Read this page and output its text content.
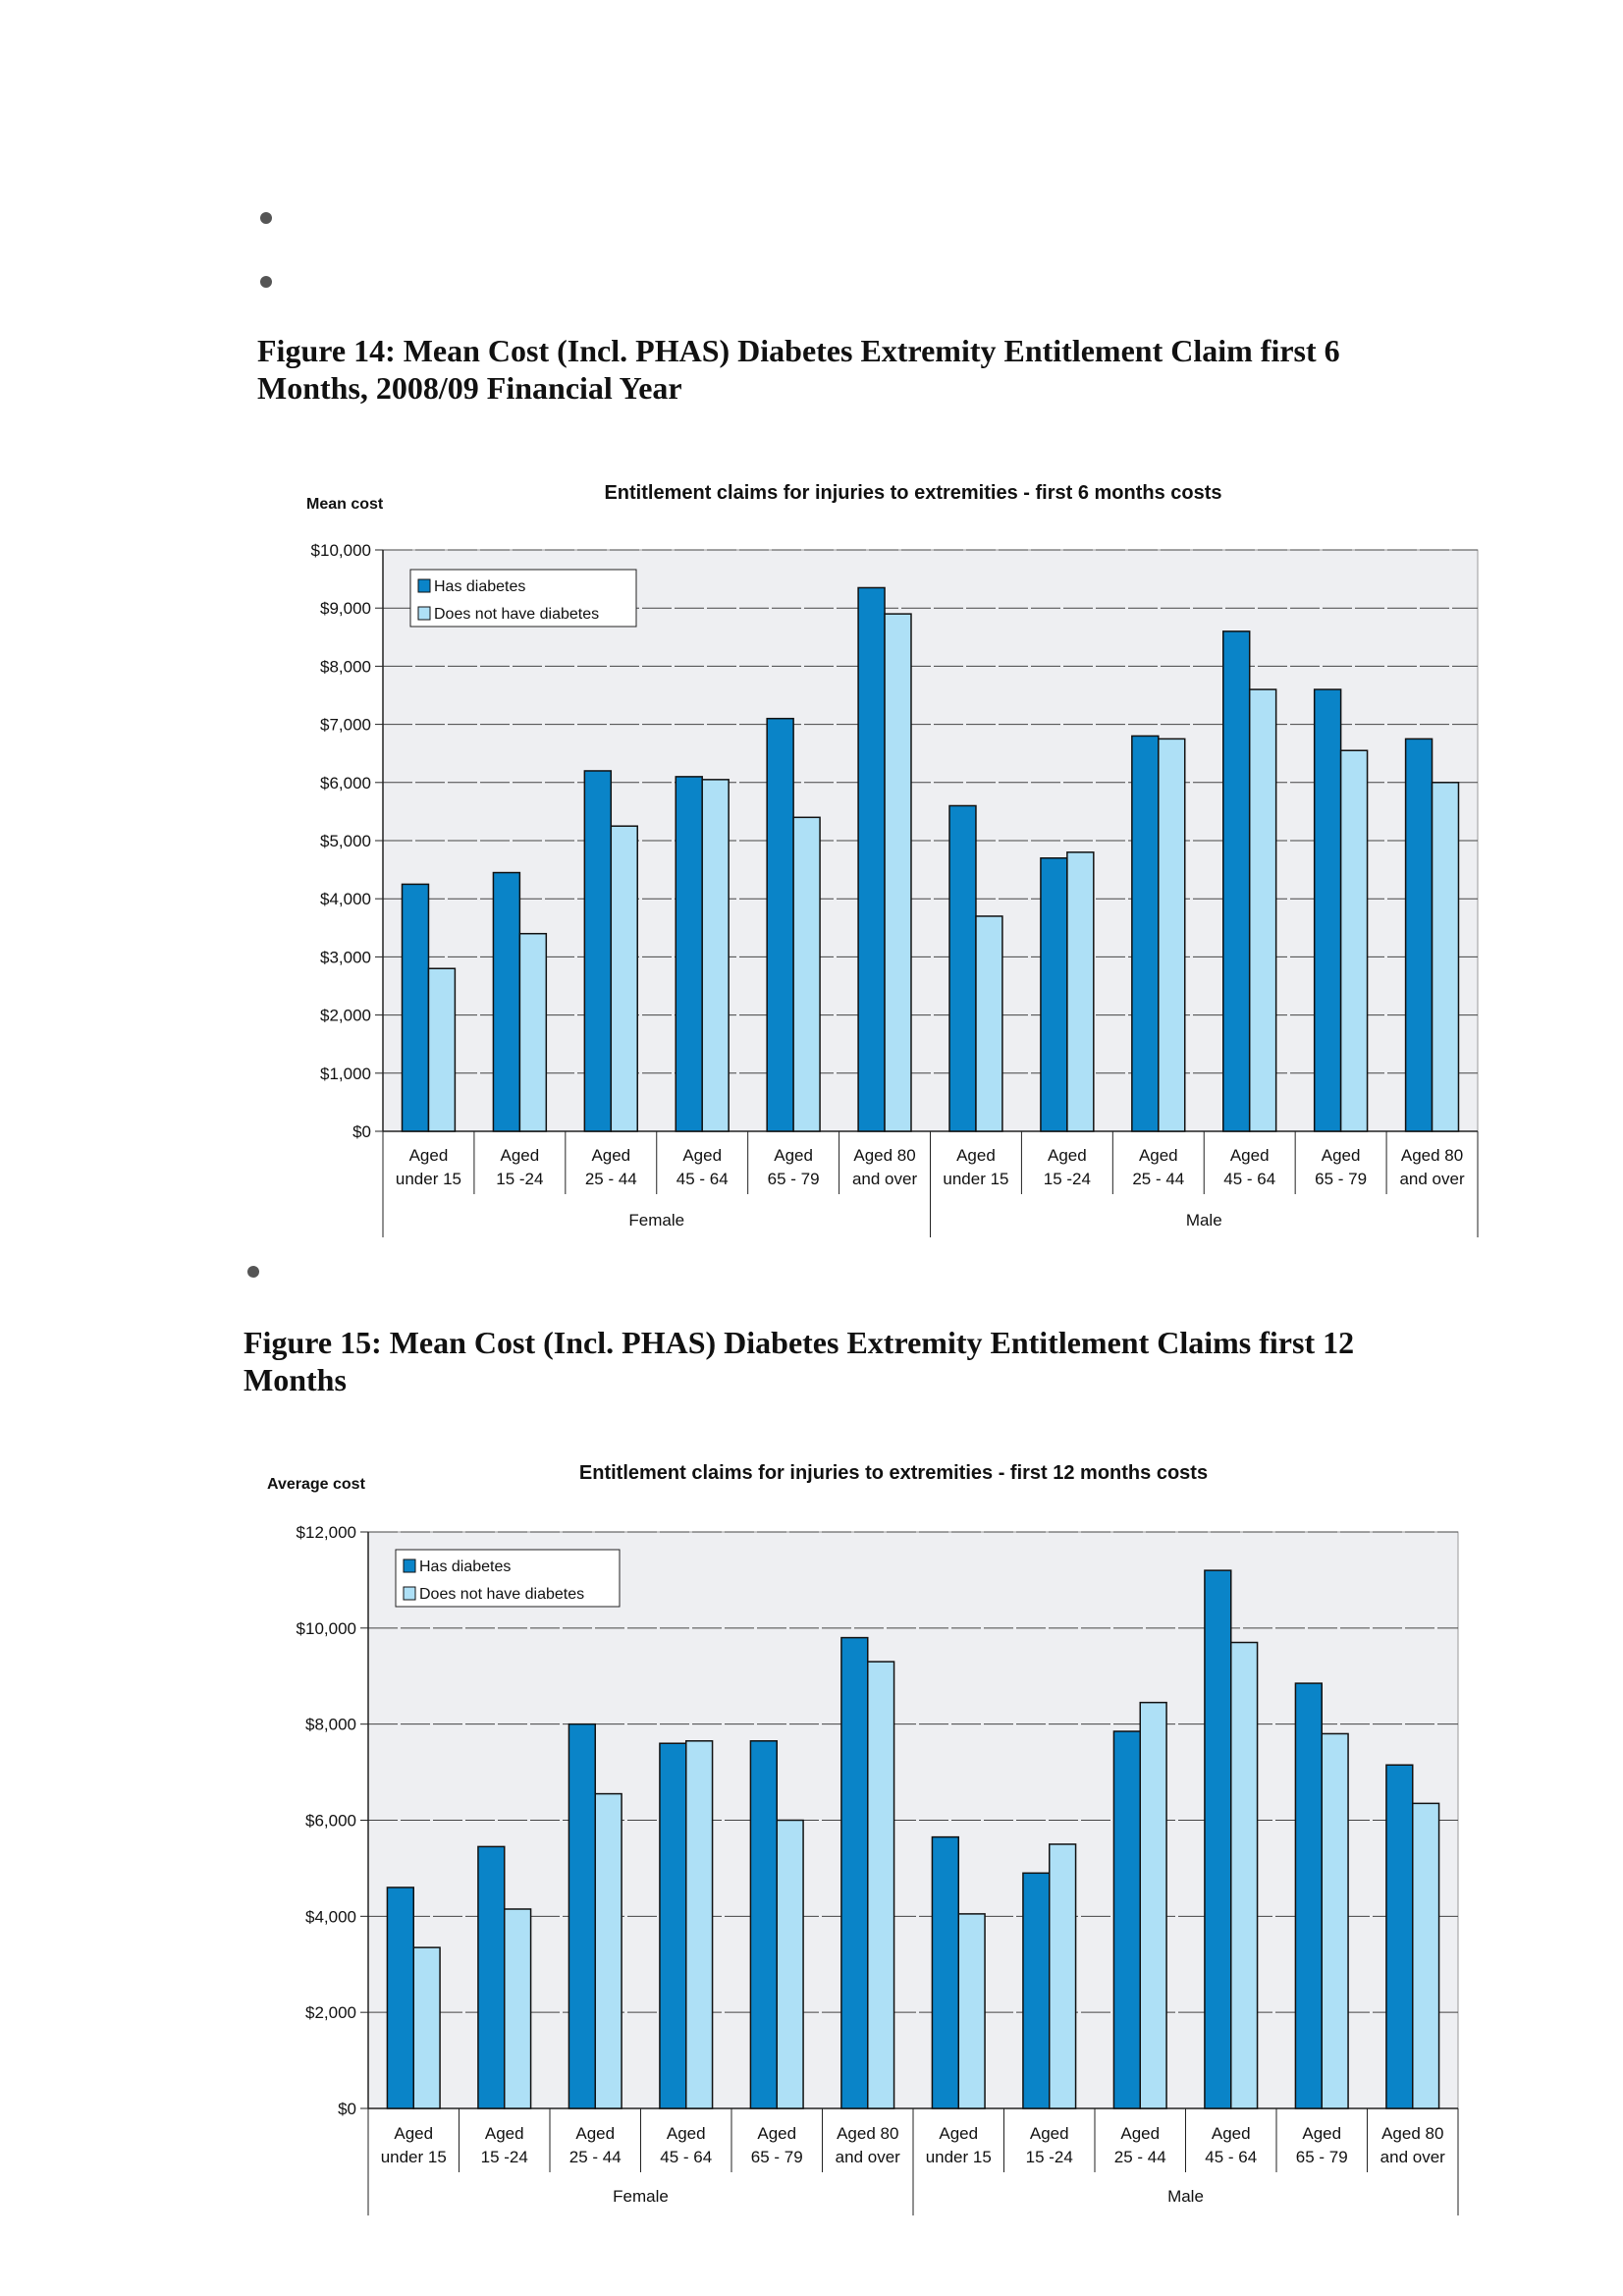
Figure 14: Mean Cost (Incl. PHAS) Diabetes Extremity Entitlement Claim first 6 Months, 2008/09 Financial Year
Figure 15: Mean Cost (Incl. PHAS) Diabetes Extremity Entitlement Claims first 12 Months
Entitlement claims for injuries to extremities - first 6 months costs
Mean cost
$0
$1,000
$2,000
$3,000
$4,000
$5,000
$6,000
$7,000
$8,000
$9,000
$10,000
Aged
under 15
Aged
15 -24
Aged
25 - 44
Aged
45 - 64
Aged
65 - 79
Aged 80
and over
Aged
under 15
Aged
15 -24
Aged
25 - 44
Aged
45 - 64
Aged
65 - 79
Aged 80
and over
Female	Male
Has diabetes
Does not have diabetes
Entitlement claims for injuries to extremities - first 12 months costs
Average cost
$0
$2,000
$4,000
$6,000
$8,000
$10,000
$12,000
Aged
under 15
Aged
15 -24
Aged
25 - 44
Aged
45 - 64
Aged
65 - 79
Aged 80
and over
Aged
under 15
Aged
15 -24
Aged
25 - 44
Aged
45 - 64
Aged
65 - 79
Aged 80
and over
Female	Male
Has diabetes
Does not have diabetes
